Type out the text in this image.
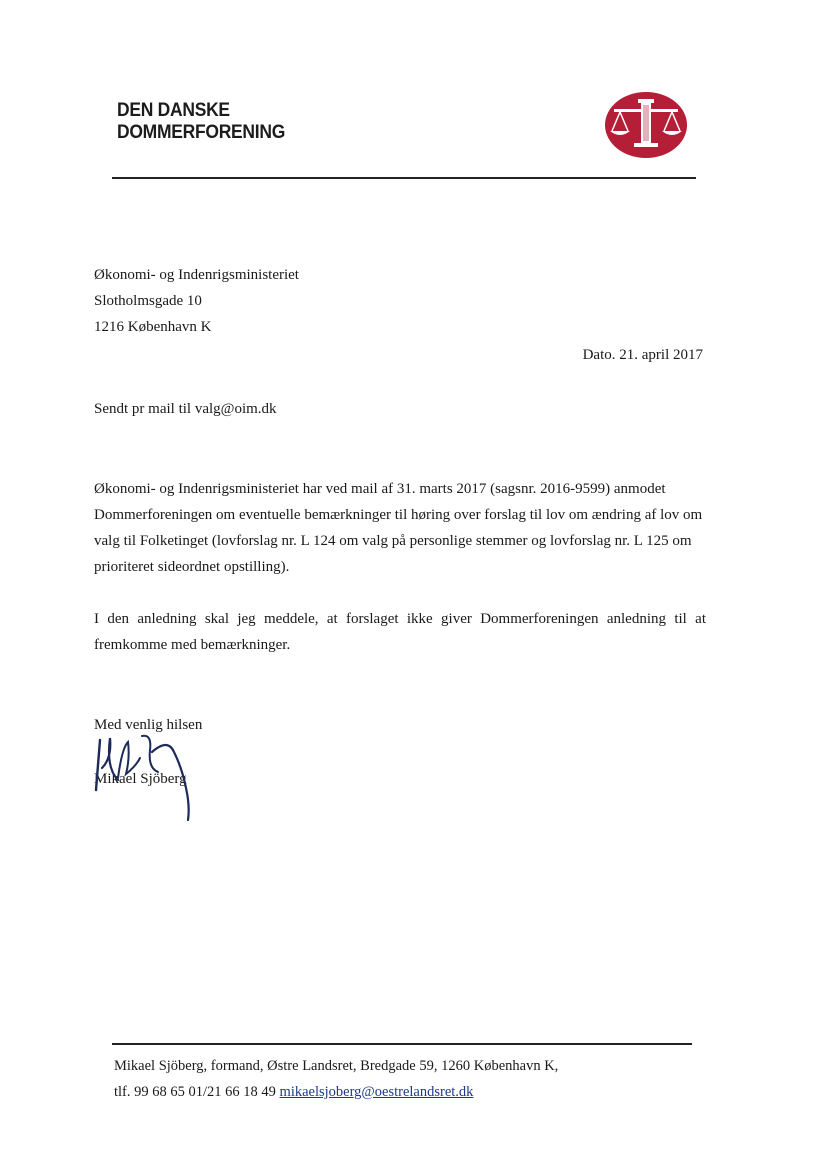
DEN DANSKE
DOMMERFORENING
Økonomi- og Indenrigsministeriet
Slotholmsgade 10
1216 København K
Dato. 21. april 2017
Sendt pr mail til valg@oim.dk
Økonomi- og Indenrigsministeriet har ved mail af 31. marts 2017 (sagsnr. 2016-9599) anmodet
Dommerforeningen om eventuelle bemærkninger til høring over forslag til lov om ændring af lov om
valg til Folketinget (lovforslag nr. L 124 om valg på personlige stemmer og lovforslag nr. L 125 om
prioriteret sideordnet opstilling).
I den anledning skal jeg meddele, at forslaget ikke giver Dommerforeningen anledning til at
fremkomme med bemærkninger.
Med venlig hilsen
Mikael Sjöberg
Mikael Sjöberg, formand, Østre Landsret, Bredgade 59, 1260 København K,
tlf. 99 68 65 01/21 66 18 49 mikaelsjoberg@oestrelandsret.dk
